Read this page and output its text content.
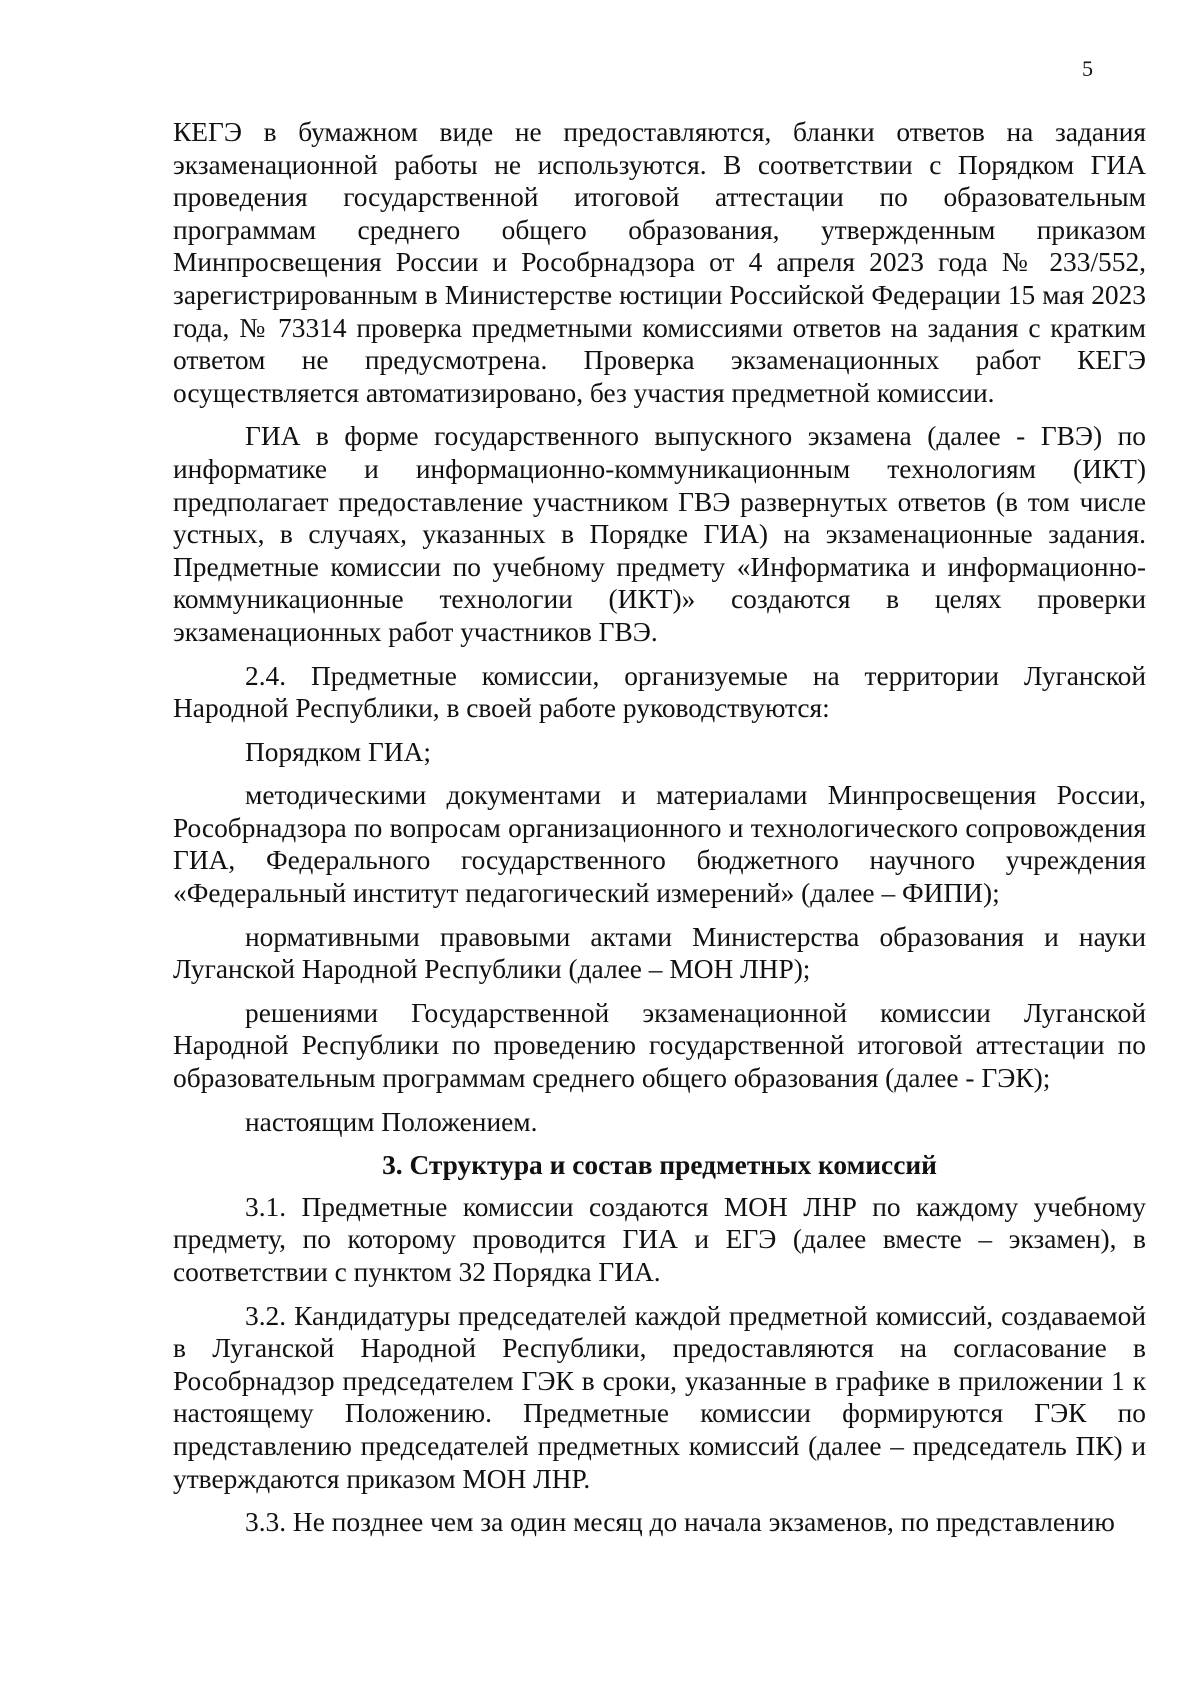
5

КЕГЭ в бумажном виде не предоставляются, бланки ответов на задания экзаменационной работы не используются. В соответствии с Порядком ГИА проведения государственной итоговой аттестации по образовательным программам среднего общего образования, утвержденным приказом Минпросвещения России и Рособрнадзора от 4 апреля 2023 года № 233/552, зарегистрированным в Министерстве юстиции Российской Федерации 15 мая 2023 года, № 73314 проверка предметными комиссиями ответов на задания с кратким ответом не предусмотрена. Проверка экзаменационных работ КЕГЭ осуществляется автоматизировано, без участия предметной комиссии.

ГИА в форме государственного выпускного экзамена (далее - ГВЭ) по информатике и информационно-коммуникационным технологиям (ИКТ) предполагает предоставление участником ГВЭ развернутых ответов (в том числе устных, в случаях, указанных в Порядке ГИА) на экзаменационные задания. Предметные комиссии по учебному предмету «Информатика и информационно-коммуникационные технологии (ИКТ)» создаются в целях проверки экзаменационных работ участников ГВЭ.

2.4. Предметные комиссии, организуемые на территории Луганской Народной Республики, в своей работе руководствуются:

Порядком ГИА;

методическими документами и материалами Минпросвещения России, Рособрнадзора по вопросам организационного и технологического сопровождения ГИА, Федерального государственного бюджетного научного учреждения «Федеральный институт педагогический измерений» (далее – ФИПИ);

нормативными правовыми актами Министерства образования и науки Луганской Народной Республики (далее – МОН ЛНР);

решениями Государственной экзаменационной комиссии Луганской Народной Республики по проведению государственной итоговой аттестации по образовательным программам среднего общего образования (далее - ГЭК);

настоящим Положением.

3. Структура и состав предметных комиссий

3.1. Предметные комиссии создаются МОН ЛНР по каждому учебному предмету, по которому проводится ГИА и ЕГЭ (далее вместе – экзамен), в соответствии с пунктом 32 Порядка ГИА.

3.2. Кандидатуры председателей каждой предметной комиссий, создаваемой в Луганской Народной Республики, предоставляются на согласование в Рособрнадзор председателем ГЭК в сроки, указанные в графике в приложении 1 к настоящему Положению. Предметные комиссии формируются ГЭК по представлению председателей предметных комиссий (далее – председатель ПК) и утверждаются приказом МОН ЛНР.

3.3. Не позднее чем за один месяц до начала экзаменов, по представлению
